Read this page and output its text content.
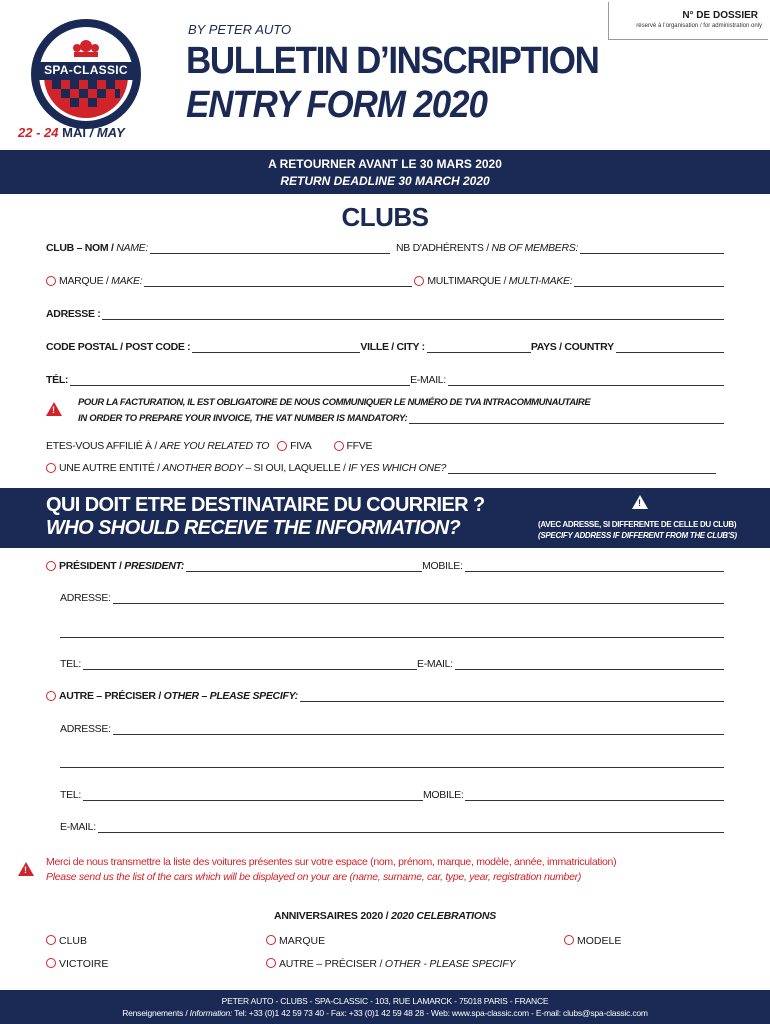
SPA-CLASSIC
22 - 24 MAI / MAY
BY PETER AUTO
BULLETIN D’INSCRIPTION
ENTRY FORM 2020
N° DE DOSSIER
réservé à l’organisation / for administration only
A RETOURNER AVANT LE 30 MARS 2020
RETURN DEADLINE 30 MARCH 2020
CLUBS
CLUB – NOM /
NAME:	NB D'ADHÉRENTS /
NB OF MEMBERS:
MARQUE /
MAKE:	MULTIMARQUE /
MULTI-MAKE:
ADRESSE :
CODE POSTAL / POST CODE :	VILLE / CITY :	PAYS / COUNTRY
TÉL:	E-MAIL:
!
POUR LA FACTURATION, IL EST OBLIGATOIRE DE NOUS COMMUNIQUER LE NUMÉRO DE TVA INTRACOMMUNAUTAIRE
IN ORDER TO PREPARE YOUR INVOICE, THE VAT NUMBER IS MANDATORY:
ETES-VOUS AFFILIÉ À /
ARE YOU RELATED TO FIVA	FFVE
UNE AUTRE ENTITÉ /
ANOTHER BODY
– SI OUI, LAQUELLE /
IF YES WHICH ONE?
QUI DOIT ETRE DESTINATAIRE DU COURRIER ?
WHO SHOULD RECEIVE THE INFORMATION?
!	(AVEC ADRESSE, SI DIFFERENTE DE CELLE DU CLUB)
(SPECIFY ADDRESS IF DIFFERENT FROM THE CLUB'S)
PRÉSIDENT /
PRESIDENT:	MOBILE:
ADRESSE:
TEL:	E-MAIL:
AUTRE – PRÉCISER /
OTHER – PLEASE SPECIFY:
ADRESSE:
TEL:	MOBILE:
E-MAIL:
!
Merci de nous transmettre la liste des voitures présentes sur votre espace (nom, prénom, marque, modèle, année, immatriculation)
Please send us the list of the cars which will be displayed on your are (name, surname, car, type, year, registration number)
ANNIVERSAIRES 2020 / 2020 CELEBRATIONS
CLUB	MARQUE	MODELE
VICTOIRE	AUTRE – PRÉCISER /
OTHER - PLEASE SPECIFY
PETER AUTO - CLUBS - SPA-CLASSIC - 103, RUE LAMARCK - 75018 PARIS - FRANCE
Renseignements / Information: Tel: +33 (0)1 42 59 73 40 - Fax: +33 (0)1 42 59 48 28 - Web: www.spa-classic.com - E-mail: clubs@spa-classic.com
